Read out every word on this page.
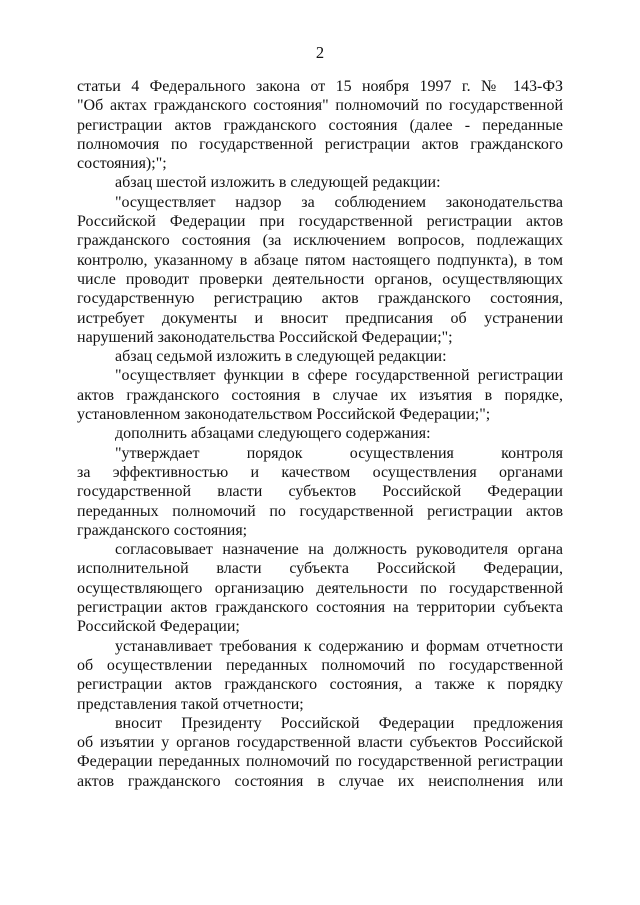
2
статьи 4 Федерального закона от 15 ноября 1997 г. № 143-ФЗ
"Об актах гражданского состояния" полномочий по государственной
регистрации актов гражданского состояния (далее - переданные
полномочия по государственной регистрации актов гражданского
состояния);";
абзац шестой изложить в следующей редакции:
"осуществляет надзор за соблюдением законодательства
Российской Федерации при государственной регистрации актов
гражданского состояния (за исключением вопросов, подлежащих
контролю, указанному в абзаце пятом настоящего подпункта), в том
числе проводит проверки деятельности органов, осуществляющих
государственную регистрацию актов гражданского состояния,
истребует документы и вносит предписания об устранении
нарушений законодательства Российской Федерации;";
абзац седьмой изложить в следующей редакции:
"осуществляет функции в сфере государственной регистрации
актов гражданского состояния в случае их изъятия в порядке,
установленном законодательством Российской Федерации;";
дополнить абзацами следующего содержания:
"утверждает порядок осуществления контроля
за эффективностью и качеством осуществления органами
государственной власти субъектов Российской Федерации
переданных полномочий по государственной регистрации актов
гражданского состояния;
согласовывает назначение на должность руководителя органа
исполнительной власти субъекта Российской Федерации,
осуществляющего организацию деятельности по государственной
регистрации актов гражданского состояния на территории субъекта
Российской Федерации;
устанавливает требования к содержанию и формам отчетности
об осуществлении переданных полномочий по государственной
регистрации актов гражданского состояния, а также к порядку
представления такой отчетности;
вносит Президенту Российской Федерации предложения
об изъятии у органов государственной власти субъектов Российской
Федерации переданных полномочий по государственной регистрации
актов гражданского состояния в случае их неисполнения или
